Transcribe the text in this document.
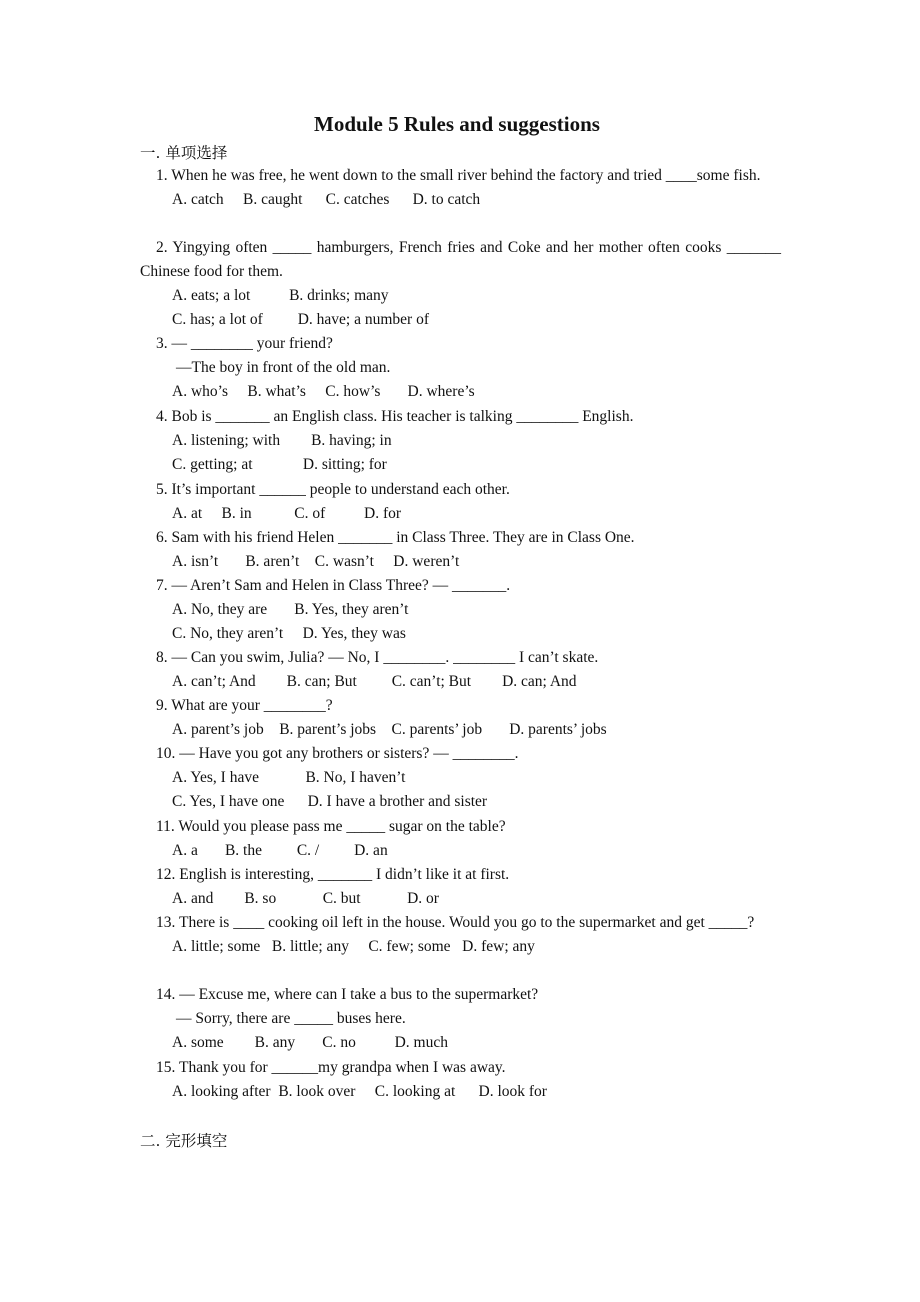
Module 5 Rules and suggestions
一. 单项选择
1. When he was free, he went down to the small river behind the factory and tried ____some fish.
A. catch     B. caught      C. catches      D. to catch
2. Yingying often _____ hamburgers, French fries and Coke and her mother often cooks _______ Chinese food for them.
A. eats; a lot          B. drinks; many
C. has; a lot of         D. have; a number of
3. — ________ your friend?
—The boy in front of the old man.
A. who’s     B. what’s     C. how’s       D. where’s
4. Bob is _______ an English class. His teacher is talking ________ English.
A. listening; with        B. having; in
C. getting; at             D. sitting; for
5. It’s important ______ people to understand each other.
A. at     B. in           C. of          D. for
6. Sam with his friend Helen _______ in Class Three. They are in Class One.
A. isn’t       B. aren’t    C. wasn’t     D. weren’t
7. — Aren’t Sam and Helen in Class Three? — _______.
A. No, they are       B. Yes, they aren’t
C. No, they aren’t     D. Yes, they was
8. — Can you swim, Julia? — No, I ________. ________ I can’t skate.
A. can’t; And        B. can; But         C. can’t; But        D. can; And
9. What are your ________?
A. parent’s job    B. parent’s jobs    C. parents’ job       D. parents’ jobs
10. — Have you got any brothers or sisters? — ________.
A. Yes, I have            B. No, I haven’t
C. Yes, I have one      D. I have a brother and sister
11. Would you please pass me _____ sugar on the table?
A. a       B. the         C. /         D. an
12. English is interesting, _______ I didn’t like it at first.
A. and        B. so            C. but            D. or
13. There is ____ cooking oil left in the house. Would you go to the supermarket and get _____?
A. little; some   B. little; any     C. few; some   D. few; any
14. — Excuse me, where can I take a bus to the supermarket?
— Sorry, there are _____ buses here.
A. some        B. any       C. no          D. much
15. Thank you for ______my grandpa when I was away.
A. looking after  B. look over     C. looking at      D. look for
二. 完形填空
